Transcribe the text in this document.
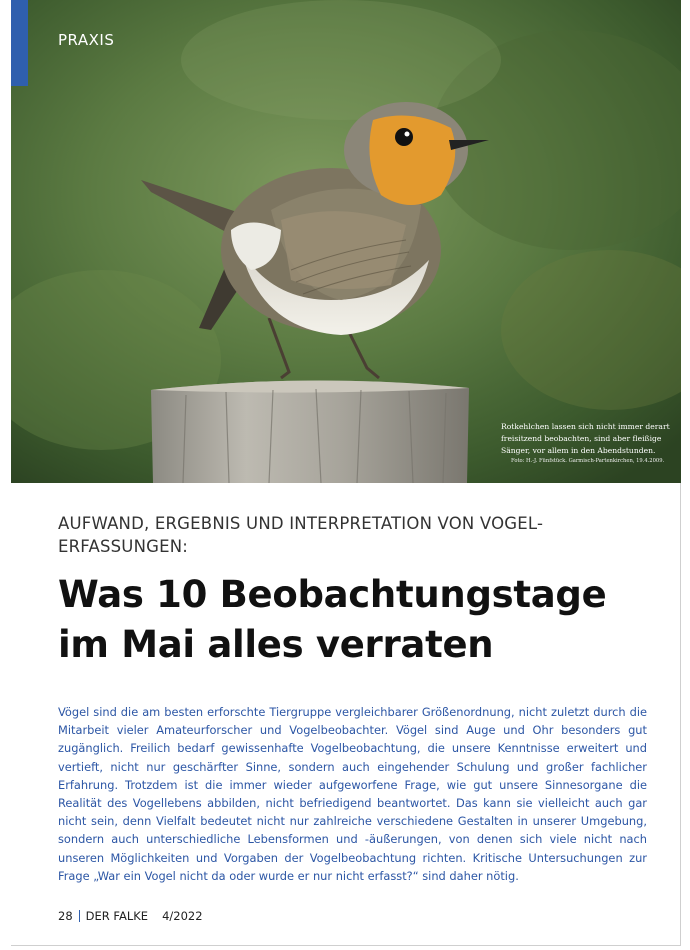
PRAXIS
Rotkehlchen lassen sich nicht immer derart freisitzend beobachten, sind aber fleißige Sänger, vor allem in den Abendstunden.
Foto: H.-J. Fünfstück. Garmisch-Partenkirchen, 19.4.2009.
AUFWAND, ERGEBNIS UND INTERPRETATION VON VOGEL-ERFASSUNGEN:
Was 10 Beobachtungstage im Mai alles verraten
Vögel sind die am besten erforschte Tiergruppe vergleichbarer Größenordnung, nicht zuletzt durch die Mitarbeit vieler Amateurforscher und Vogelbeobachter. Vögel sind Auge und Ohr besonders gut zugänglich. Freilich bedarf gewissenhafte Vogelbeobachtung, die unsere Kenntnisse erweitert und vertieft, nicht nur geschärfter Sinne, sondern auch eingehender Schulung und großer fachlicher Erfahrung. Trotzdem ist die immer wieder aufgeworfene Frage, wie gut unsere Sinnesorgane die Realität des Vogellebens abbilden, nicht befriedigend beantwortet. Das kann sie vielleicht auch gar nicht sein, denn Vielfalt bedeutet nicht nur zahlreiche verschiedene Gestalten in unserer Umgebung, sondern auch unterschiedliche Lebensformen und -äußerungen, von denen sich viele nicht nach unseren Möglichkeiten und Vorgaben der Vogelbeobachtung richten. Kritische Untersuchungen zur Frage „War ein Vogel nicht da oder wurde er nur nicht erfasst?“ sind daher nötig.
28 DER FALKE 4/2022
